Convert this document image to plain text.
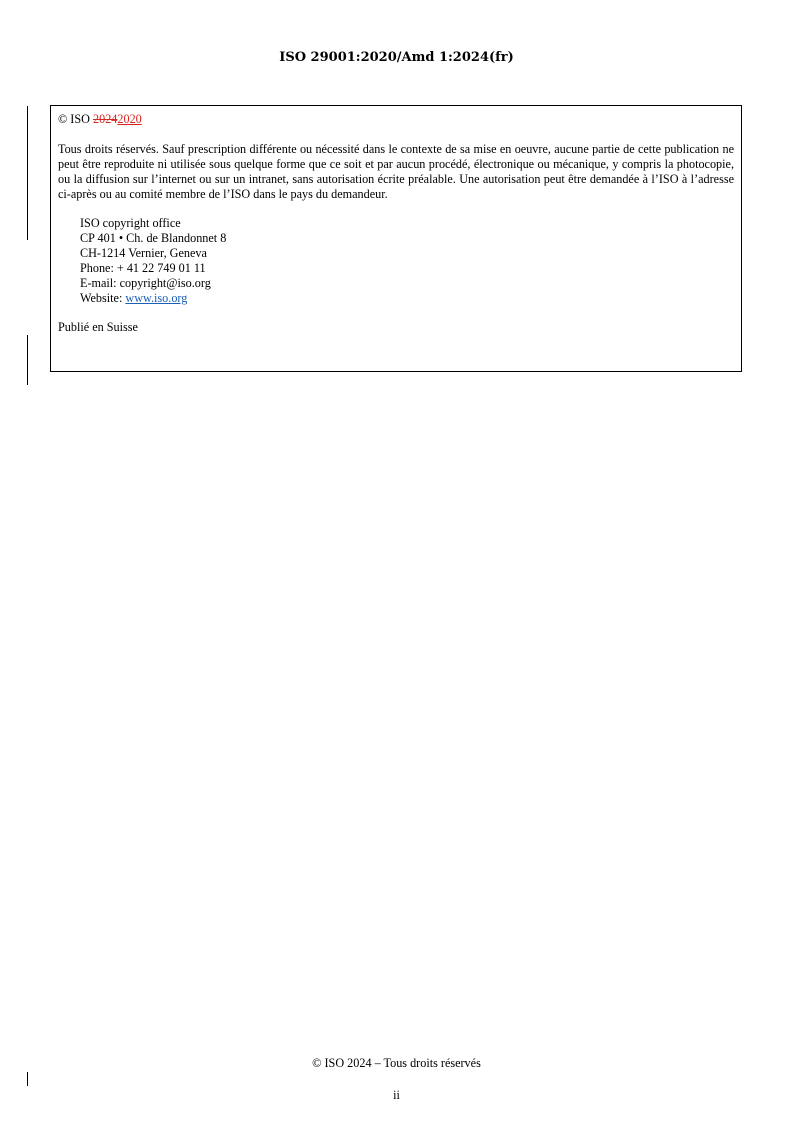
ISO 29001:2020/Amd 1:2024(fr)

© ISO 20242020

Tous droits réservés. Sauf prescription différente ou nécessité dans le contexte de sa mise en oeuvre, aucune partie de cette publication ne peut être reproduite ni utilisée sous quelque forme que ce soit et par aucun procédé, électronique ou mécanique, y compris la photocopie, ou la diffusion sur l’internet ou sur un intranet, sans autorisation écrite préalable. Une autorisation peut être demandée à l’ISO à l’adresse ci-après ou au comité membre de l’ISO dans le pays du demandeur.

ISO copyright office
CP 401 • Ch. de Blandonnet 8
CH-1214 Vernier, Geneva
Phone: + 41 22 749 01 11
E-mail: copyright@iso.org
Website: www.iso.org

Publié en Suisse

© ISO 2024 – Tous droits réservés
ii
